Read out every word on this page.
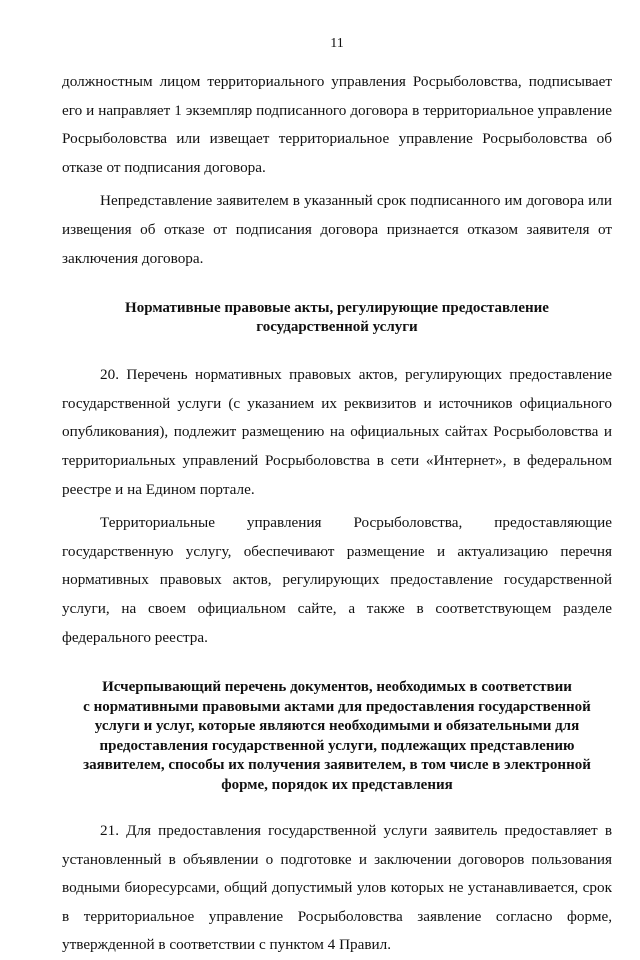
11

должностным лицом территориального управления Росрыболовства, подписывает его и направляет 1 экземпляр подписанного договора в территориальное управление Росрыболовства или извещает территориальное управление Росрыболовства об отказе от подписания договора.

Непредставление заявителем в указанный срок подписанного им договора или извещения об отказе от подписания договора признается отказом заявителя от заключения договора.

Нормативные правовые акты, регулирующие предоставление
государственной услуги

20. Перечень нормативных правовых актов, регулирующих предоставление государственной услуги (с указанием их реквизитов и источников официального опубликования), подлежит размещению на официальных сайтах Росрыболовства и территориальных управлений Росрыболовства в сети «Интернет», в федеральном реестре и на Едином портале.

Территориальные управления Росрыболовства, предоставляющие государственную услугу, обеспечивают размещение и актуализацию перечня нормативных правовых актов, регулирующих предоставление государственной услуги, на своем официальном сайте, а также в соответствующем разделе федерального реестра.

Исчерпывающий перечень документов, необходимых в соответствии
с нормативными правовыми актами для предоставления государственной
услуги и услуг, которые являются необходимыми и обязательными для
предоставления государственной услуги, подлежащих представлению
заявителем, способы их получения заявителем, в том числе в электронной
форме, порядок их представления

21. Для предоставления государственной услуги заявитель предоставляет в установленный в объявлении о подготовке и заключении договоров пользования водными биоресурсами, общий допустимый улов которых не устанавливается, срок в территориальное управление Росрыболовства заявление согласно форме, утвержденной в соответствии с пунктом 4 Правил.
